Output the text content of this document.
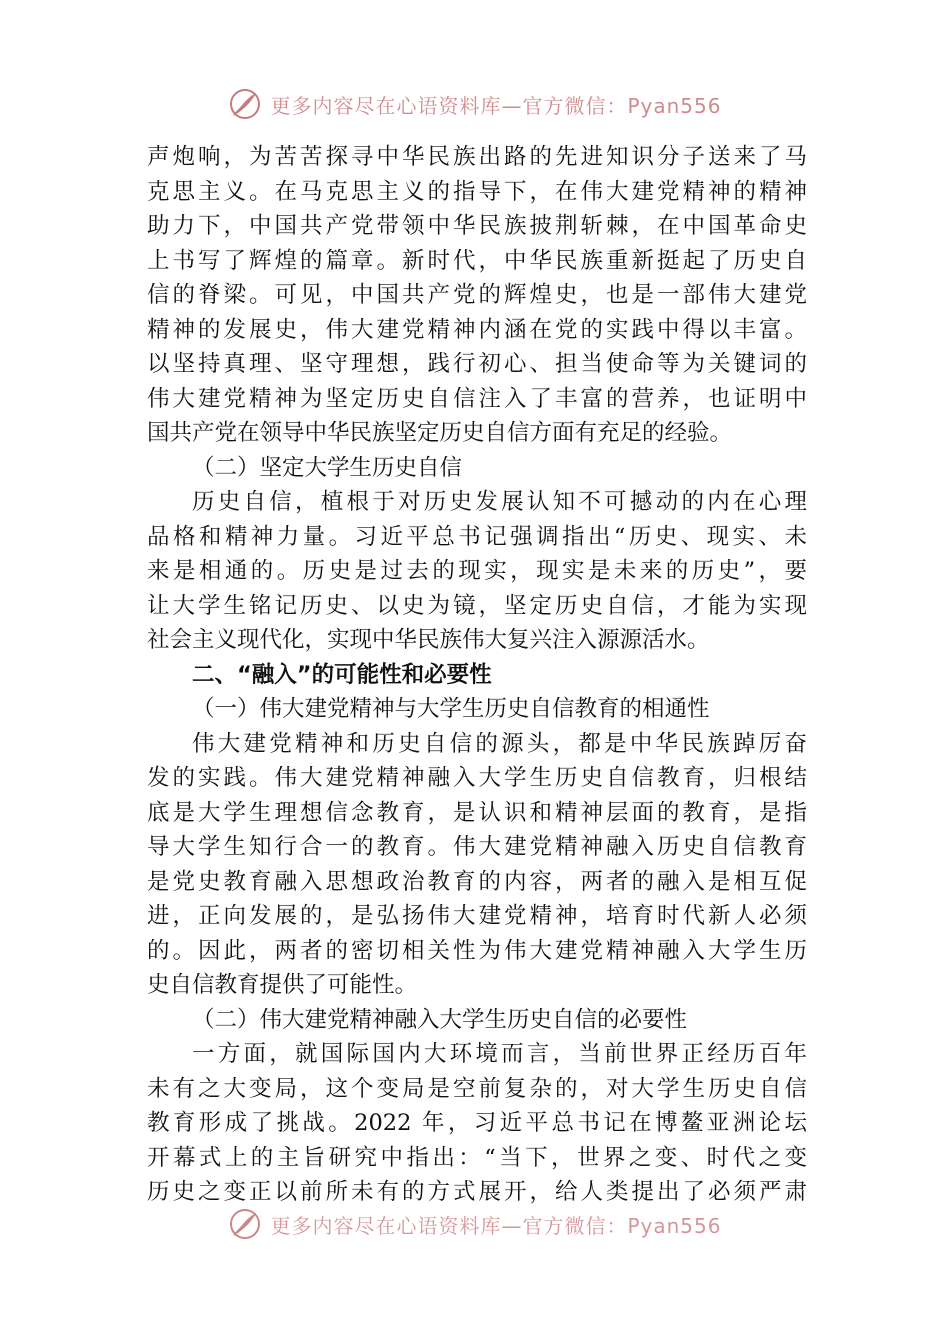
更多内容尽在心语资料库—官方微信：Pyan556
声炮响，为苦苦探寻中华民族出路的先进知识分子送来了马
克思主义。在马克思主义的指导下，在伟大建党精神的精神
助力下，中国共产党带领中华民族披荆斩棘，在中国革命史
上书写了辉煌的篇章。新时代，中华民族重新挺起了历史自
信的脊梁。可见，中国共产党的辉煌史，也是一部伟大建党
精神的发展史，伟大建党精神内涵在党的实践中得以丰富。
以坚持真理、坚守理想，践行初心、担当使命等为关键词的
伟大建党精神为坚定历史自信注入了丰富的营养，也证明中
国共产党在领导中华民族坚定历史自信方面有充足的经验。
（二）坚定大学生历史自信
历史自信，植根于对历史发展认知不可撼动的内在心理
品格和精神力量。习近平总书记强调指出“历史、现实、未
来是相通的。历史是过去的现实，现实是未来的历史”，要
让大学生铭记历史、以史为镜，坚定历史自信，才能为实现
社会主义现代化，实现中华民族伟大复兴注入源源活水。
二、“融入”的可能性和必要性
（一）伟大建党精神与大学生历史自信教育的相通性
伟大建党精神和历史自信的源头，都是中华民族踔厉奋
发的实践。伟大建党精神融入大学生历史自信教育，归根结
底是大学生理想信念教育，是认识和精神层面的教育，是指
导大学生知行合一的教育。伟大建党精神融入历史自信教育
是党史教育融入思想政治教育的内容，两者的融入是相互促
进，正向发展的，是弘扬伟大建党精神，培育时代新人必须
的。因此，两者的密切相关性为伟大建党精神融入大学生历
史自信教育提供了可能性。
（二）伟大建党精神融入大学生历史自信的必要性
一方面，就国际国内大环境而言，当前世界正经历百年
未有之大变局，这个变局是空前复杂的，对大学生历史自信
教育形成了挑战。2022 年，习近平总书记在博鳌亚洲论坛
开幕式上的主旨研究中指出：“当下，世界之变、时代之变
历史之变正以前所未有的方式展开，给人类提出了必须严肃
更多内容尽在心语资料库—官方微信：Pyan556
